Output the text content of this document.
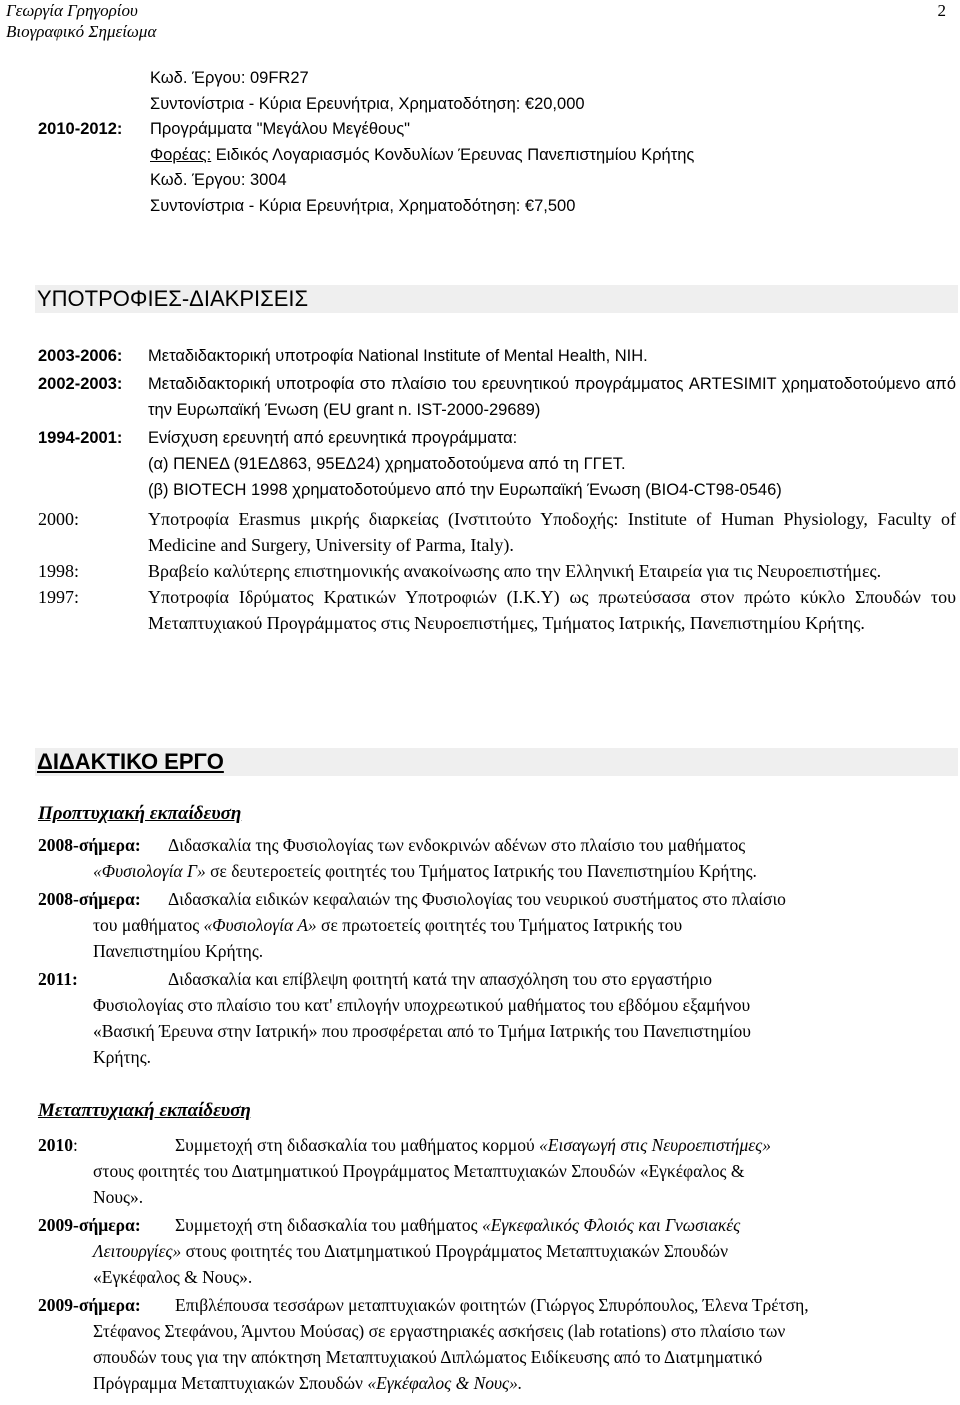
Γεωργία Γρηγορίου
Βιογραφικό Σημείωμα
2
Κωδ. Έργου: 09FR27
Συντονίστρια - Κύρια Ερευνήτρια, Χρηματοδότηση: €20,000
2010-2012: Προγράμματα "Μεγάλου Μεγέθους"
Φορέας: Ειδικός Λογαριασμός Κονδυλίων Έρευνας Πανεπιστημίου Κρήτης
Κωδ. Έργου: 3004
Συντονίστρια - Κύρια Ερευνήτρια, Χρηματοδότηση: €7,500
ΥΠΟΤΡΟΦΙΕΣ-ΔΙΑΚΡΙΣΕΙΣ
2003-2006: Μεταδιδακτορική υποτροφία National Institute of Mental Health, NIH.
2002-2003: Μεταδιδακτορική υποτροφία στο πλαίσιο του ερευνητικού προγράμματος ARTESIMIT χρηματοδοτούμενο από την Ευρωπαϊκή Ένωση (EU grant n. IST-2000-29689)
1994-2001: Ενίσχυση ερευνητή από ερευνητικά προγράμματα:
(α) ΠΕΝΕΔ (91ΕΔ863, 95ΕΔ24) χρηματοδοτούμενα από τη ΓΓΕΤ.
(β) BIOTECH 1998 χρηματοδοτούμενο από την Ευρωπαϊκή Ένωση (BIO4-CT98-0546)
2000:	Υποτροφία Erasmus μικρής διαρκείας (Ινστιτούτο Υποδοχής: Institute of Human Physiology, Faculty of Medicine and Surgery, University of Parma, Italy).
1998:	Βραβείο καλύτερης επιστημονικής ανακοίνωσης απο την Ελληνική Εταιρεία για τις Νευροεπιστήμες.
1997:	Υποτροφία Ιδρύματος Κρατικών Υποτροφιών (Ι.Κ.Υ) ως πρωτεύσασα στον πρώτο κύκλο Σπουδών του Μεταπτυχιακού Προγράμματος στις Νευροεπιστήμες, Τμήματος Ιατρικής, Πανεπιστημίου Κρήτης.
ΔΙΔΑΚΤΙΚΟ ΕΡΓΟ
Προπτυχιακή εκπαίδευση
2008-σήμερα: Διδασκαλία της Φυσιολογίας των ενδοκρινών αδένων στο πλαίσιο του μαθήματος
«Φυσιολογία Γ» σε δευτεροετείς φοιτητές του Τμήματος Ιατρικής του Πανεπιστημίου Κρήτης.
2008-σήμερα: Διδασκαλία ειδικών κεφαλαιών της Φυσιολογίας του νευρικού συστήματος στο πλαίσιο
του μαθήματος «Φυσιολογία Α» σε πρωτοετείς φοιτητές του Τμήματος Ιατρικής του
Πανεπιστημίου Κρήτης.
2011:	Διδασκαλία και επίβλεψη φοιτητή κατά την απασχόληση του στο εργαστήριο
Φυσιολογίας στο πλαίσιο του κατ' επιλογήν υποχρεωτικού μαθήματος του εβδόμου εξαμήνου
«Βασική Έρευνα στην Ιατρική» που προσφέρεται από το Τμήμα Ιατρικής του Πανεπιστημίου
Κρήτης.
Μεταπτυχιακή εκπαίδευση
2010:	Συμμετοχή στη διδασκαλία του μαθήματος κορμού «Εισαγωγή στις Νευροεπιστήμες»
στους φοιτητές του Διατμηματικού Προγράμματος Μεταπτυχιακών Σπουδών «Εγκέφαλος &
Νους».
2009-σήμερα: Συμμετοχή στη διδασκαλία του μαθήματος «Εγκεφαλικός Φλοιός και Γνωσιακές
Λειτουργίες» στους φοιτητές του Διατμηματικού Προγράμματος Μεταπτυχιακών Σπουδών
«Εγκέφαλος & Νους».
2009-σήμερα: Επιβλέπουσα τεσσάρων μεταπτυχιακών φοιτητών (Γιώργος Σπυρόπουλος, Έλενα Τρέτση,
Στέφανος Στεφάνου, Άμντου Μούσας) σε εργαστηριακές ασκήσεις (lab rotations) στο πλαίσιο των
σπουδών τους για την απόκτηση Μεταπτυχιακού Διπλώματος Ειδίκευσης από το Διατμηματικό
Πρόγραμμα Μεταπτυχιακών Σπουδών «Εγκέφαλος & Νους».
